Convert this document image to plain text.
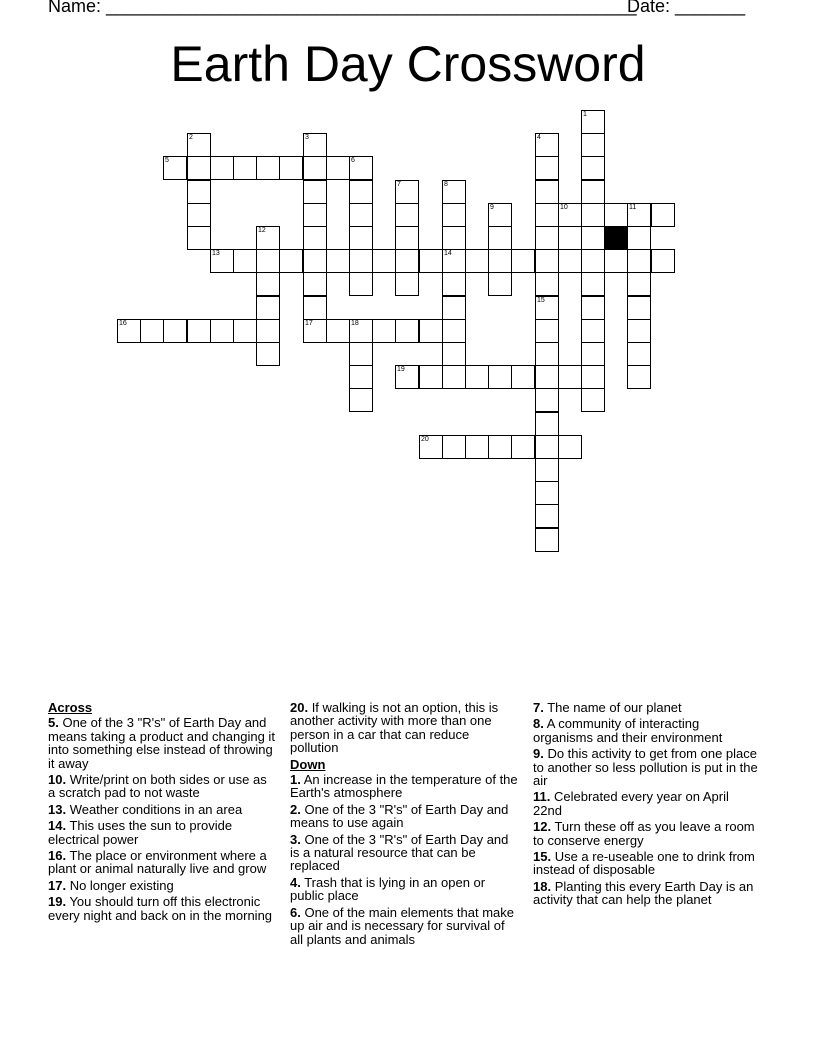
Name: _____________________________________________________
Date: _______
Earth Day Crossword
1
2	3
17
4
5	6
7	8
14
9	10	11
12
13
15
16	18
19
20
Across
5. One of the 3 "R's" of Earth Day and means taking a product and changing it into something else instead of throwing it away
10. Write/print on both sides or use as a scratch pad to not waste
13. Weather conditions in an area
14. This uses the sun to provide electrical power
16. The place or environment where a plant or animal naturally live and grow
17. No longer existing
19. You should turn off this electronic every night and back on in the morning
20. If walking is not an option, this is another activity with more than one person in a car that can reduce pollution
Down
1. An increase in the temperature of the Earth's atmosphere
2. One of the 3 "R's" of Earth Day and means to use again
3. One of the 3 "R's" of Earth Day and is a natural resource that can be replaced
4. Trash that is lying in an open or public place
6. One of the main elements that make up air and is necessary for survival of all plants and animals
7. The name of our planet
8. A community of interacting organisms and their environment
9. Do this activity to get from one place to another so less pollution is put in the air
11. Celebrated every year on April 22nd
12. Turn these off as you leave a room to conserve energy
15. Use a re-useable one to drink from instead of disposable
18. Planting this every Earth Day is an activity that can help the planet
